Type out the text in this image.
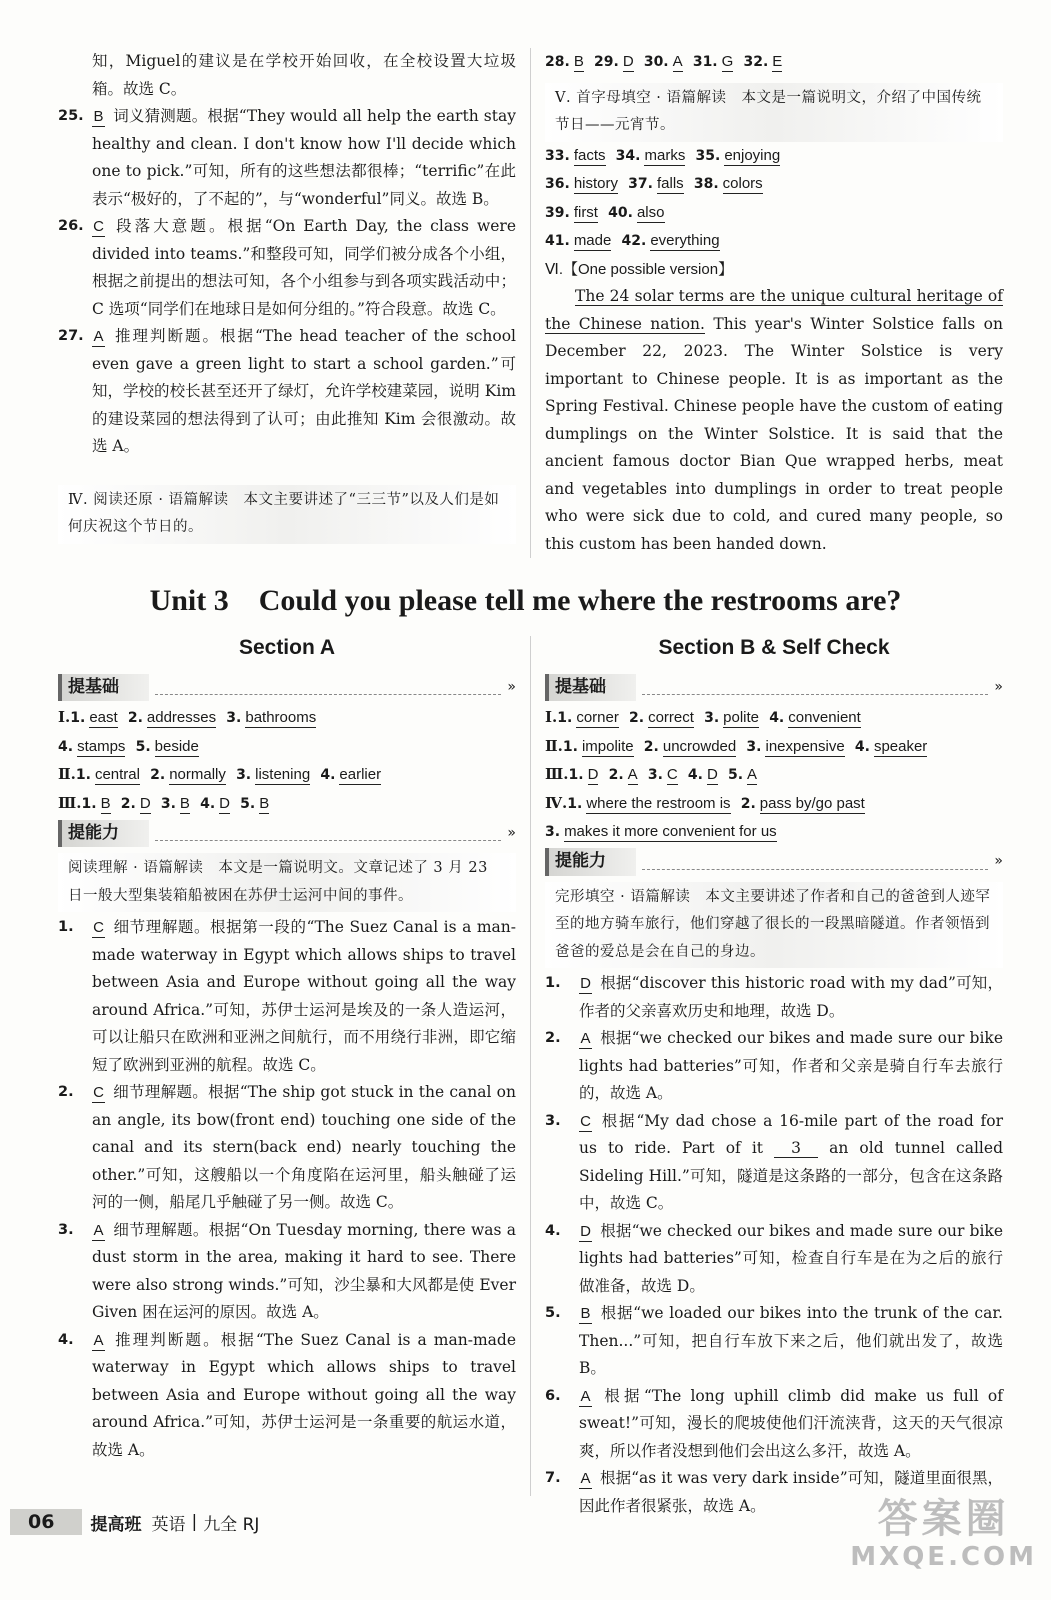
知，Miguel的建议是在学校开始回收，在全校设置大垃圾箱。故选 C。
25. B 词义猜测题。根据“They would all help the earth stay healthy and clean. I don't know how I'll decide which one to pick.”可知，所有的这些想法都很棒；“terrific”在此表示“极好的，了不起的”，与“wonderful”同义。故选 B。
26. C 段落大意题。根据“On Earth Day, the class were divided into teams.”和整段可知，同学们被分成各个小组，根据之前提出的想法可知，各个小组参与到各项实践活动中；C 选项“同学们在地球日是如何分组的。”符合段意。故选 C。
27. A 推理判断题。根据“The head teacher of the school even gave a green light to start a school garden.”可知，学校的校长甚至还开了绿灯，允许学校建菜园，说明 Kim 的建设菜园的想法得到了认可；由此推知 Kim 会很激动。故选 A。
Ⅳ. 阅读还原 · 语篇解读　本文主要讲述了“三三节”以及人们是如何庆祝这个节日的。
28. B 29. D 30. A 31. G 32. E
Ⅴ. 首字母填空 · 语篇解读　本文是一篇说明文，介绍了中国传统节日——元宵节。
33. facts 34. marks 35. enjoying
36. history 37. falls 38. colors
39. first 40. also
41. made 42. everything
Ⅵ.【One possible version】
The 24 solar terms are the unique cultural heritage of the Chinese nation. This year's Winter Solstice falls on December 22, 2023. The Winter Solstice is very important to Chinese people. It is as important as the Spring Festival. Chinese people have the custom of eating dumplings on the Winter Solstice. It is said that the ancient famous doctor Bian Que wrapped herbs, meat and vegetables into dumplings in order to treat people who were sick due to cold, and cured many people, so this custom has been handed down.
Unit 3　Could you please tell me where the restrooms are?
Section A	Section B & Self Check
提基础	»
Ⅰ.1. east 2. addresses 3. bathrooms
4. stamps 5. beside
Ⅱ.1. central 2. normally 3. listening 4. earlier
Ⅲ.1. B 2. D 3. B 4. D 5. B
提能力	»
阅读理解 · 语篇解读　本文是一篇说明文。文章记述了 3 月 23 日一般大型集装箱船被困在苏伊士运河中间的事件。
1. C 细节理解题。根据第一段的“The Suez Canal is a man-made waterway in Egypt which allows ships to travel between Asia and Europe without going all the way around Africa.”可知，苏伊士运河是埃及的一条人造运河，可以让船只在欧洲和亚洲之间航行，而不用绕行非洲，即它缩短了欧洲到亚洲的航程。故选 C。
2. C 细节理解题。根据“The ship got stuck in the canal on an angle, its bow(front end) touching one side of the canal and its stern(back end) nearly touching the other.”可知，这艘船以一个角度陷在运河里，船头触碰了运河的一侧，船尾几乎触碰了另一侧。故选 C。
3. A 细节理解题。根据“On Tuesday morning, there was a dust storm in the area, making it hard to see. There were also strong winds.”可知，沙尘暴和大风都是使 Ever Given 困在运河的原因。故选 A。
4. A 推理判断题。根据“The Suez Canal is a man-made waterway in Egypt which allows ships to travel between Asia and Europe without going all the way around Africa.”可知，苏伊士运河是一条重要的航运水道，故选 A。
提基础	»
Ⅰ.1. corner 2. correct 3. polite 4. convenient
Ⅱ.1. impolite 2. uncrowded 3. inexpensive 4. speaker
Ⅲ.1. D 2. A 3. C 4. D 5. A
Ⅳ.1. where the restroom is 2. pass by/go past
3. makes it more convenient for us
提能力	»
完形填空 · 语篇解读　本文主要讲述了作者和自己的爸爸到人迹罕至的地方骑车旅行，他们穿越了很长的一段黑暗隧道。作者领悟到爸爸的爱总是会在自己的身边。
1. D 根据“discover this historic road with my dad”可知，作者的父亲喜欢历史和地理，故选 D。
2. A 根据“we checked our bikes and made sure our bike lights had batteries”可知，作者和父亲是骑自行车去旅行的，故选 A。
3. C 根据“My dad chose a 16-mile part of the road for us to ride. Part of it 3 an old tunnel called Sideling Hill.”可知，隧道是这条路的一部分，包含在这条路中，故选 C。
4. D 根据“we checked our bikes and made sure our bike lights had batteries”可知，检查自行车是在为之后的旅行做准备，故选 D。
5. B 根据“we loaded our bikes into the trunk of the car. Then...”可知，把自行车放下来之后，他们就出发了，故选 B。
6. A 根据“The long uphill climb did make us full of sweat!”可知，漫长的爬坡使他们汗流浃背，这天的天气很凉爽，所以作者没想到他们会出这么多汗，故选 A。
7. A 根据“as it was very dark inside”可知，隧道里面很黑，因此作者很紧张，故选 A。
06	提高班 英语 | 九全 RJ	答案圈
MXQE.COM
